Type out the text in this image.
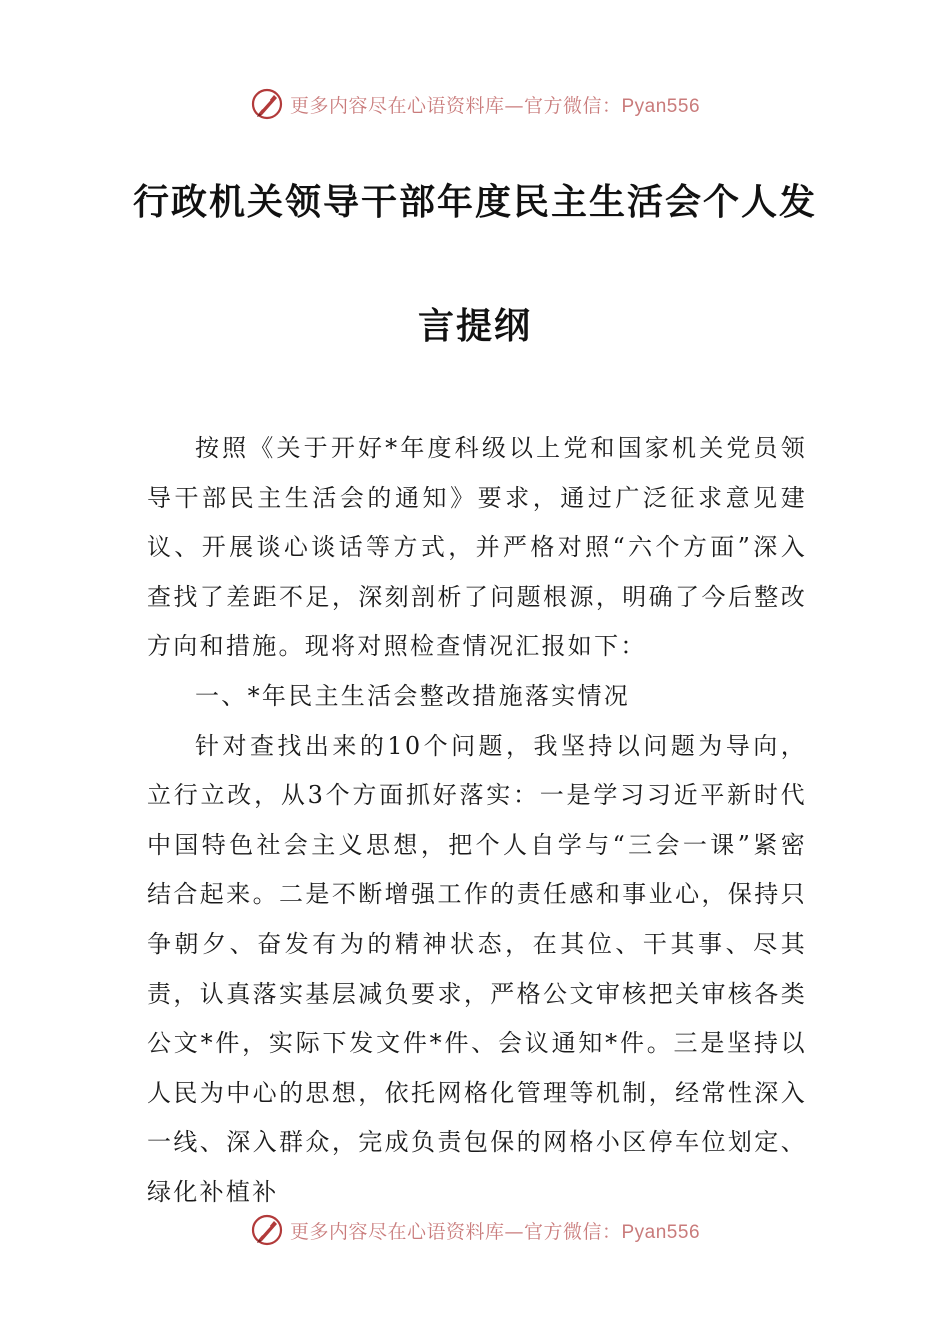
更多内容尽在心语资料库—官方微信：Pyan556
行政机关领导干部年度民主生活会个人发
言提纲

按照《关于开好*年度科级以上党和国家机关党员领导干部民主生活会的通知》要求，通过广泛征求意见建议、开展谈心谈话等方式，并严格对照“六个方面”深入查找了差距不足，深刻剖析了问题根源，明确了今后整改方向和措施。现将对照检查情况汇报如下：

一、*年民主生活会整改措施落实情况

针对查找出来的10个问题，我坚持以问题为导向，立行立改，从3个方面抓好落实：一是学习习近平新时代中国特色社会主义思想，把个人自学与“三会一课”紧密结合起来。二是不断增强工作的责任感和事业心，保持只争朝夕、奋发有为的精神状态，在其位、干其事、尽其责，认真落实基层减负要求，严格公文审核把关审核各类公文*件，实际下发文件*件、会议通知*件。三是坚持以人民为中心的思想，依托网格化管理等机制，经常性深入一线、深入群众，完成负责包保的网格小区停车位划定、绿化补植补

更多内容尽在心语资料库—官方微信：Pyan556
